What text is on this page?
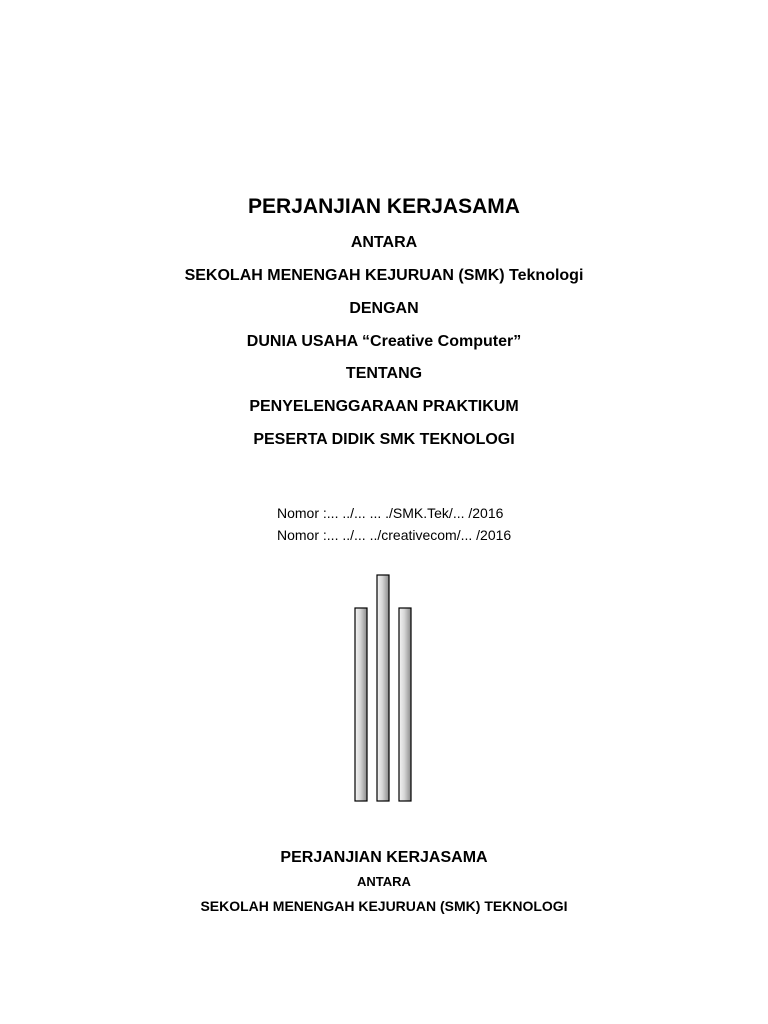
PERJANJIAN KERJASAMA
ANTARA
SEKOLAH MENENGAH KEJURUAN (SMK) Teknologi
DENGAN
DUNIA USAHA “Creative Computer”
TENTANG
PENYELENGGARAAN PRAKTIKUM
PESERTA DIDIK SMK TEKNOLOGI
Nomor :... ../... ... ./SMK.Tek/... /2016
Nomor :... ../... ../creativecom/... /2016
PERJANJIAN KERJASAMA
ANTARA
SEKOLAH MENENGAH KEJURUAN (SMK) TEKNOLOGI
